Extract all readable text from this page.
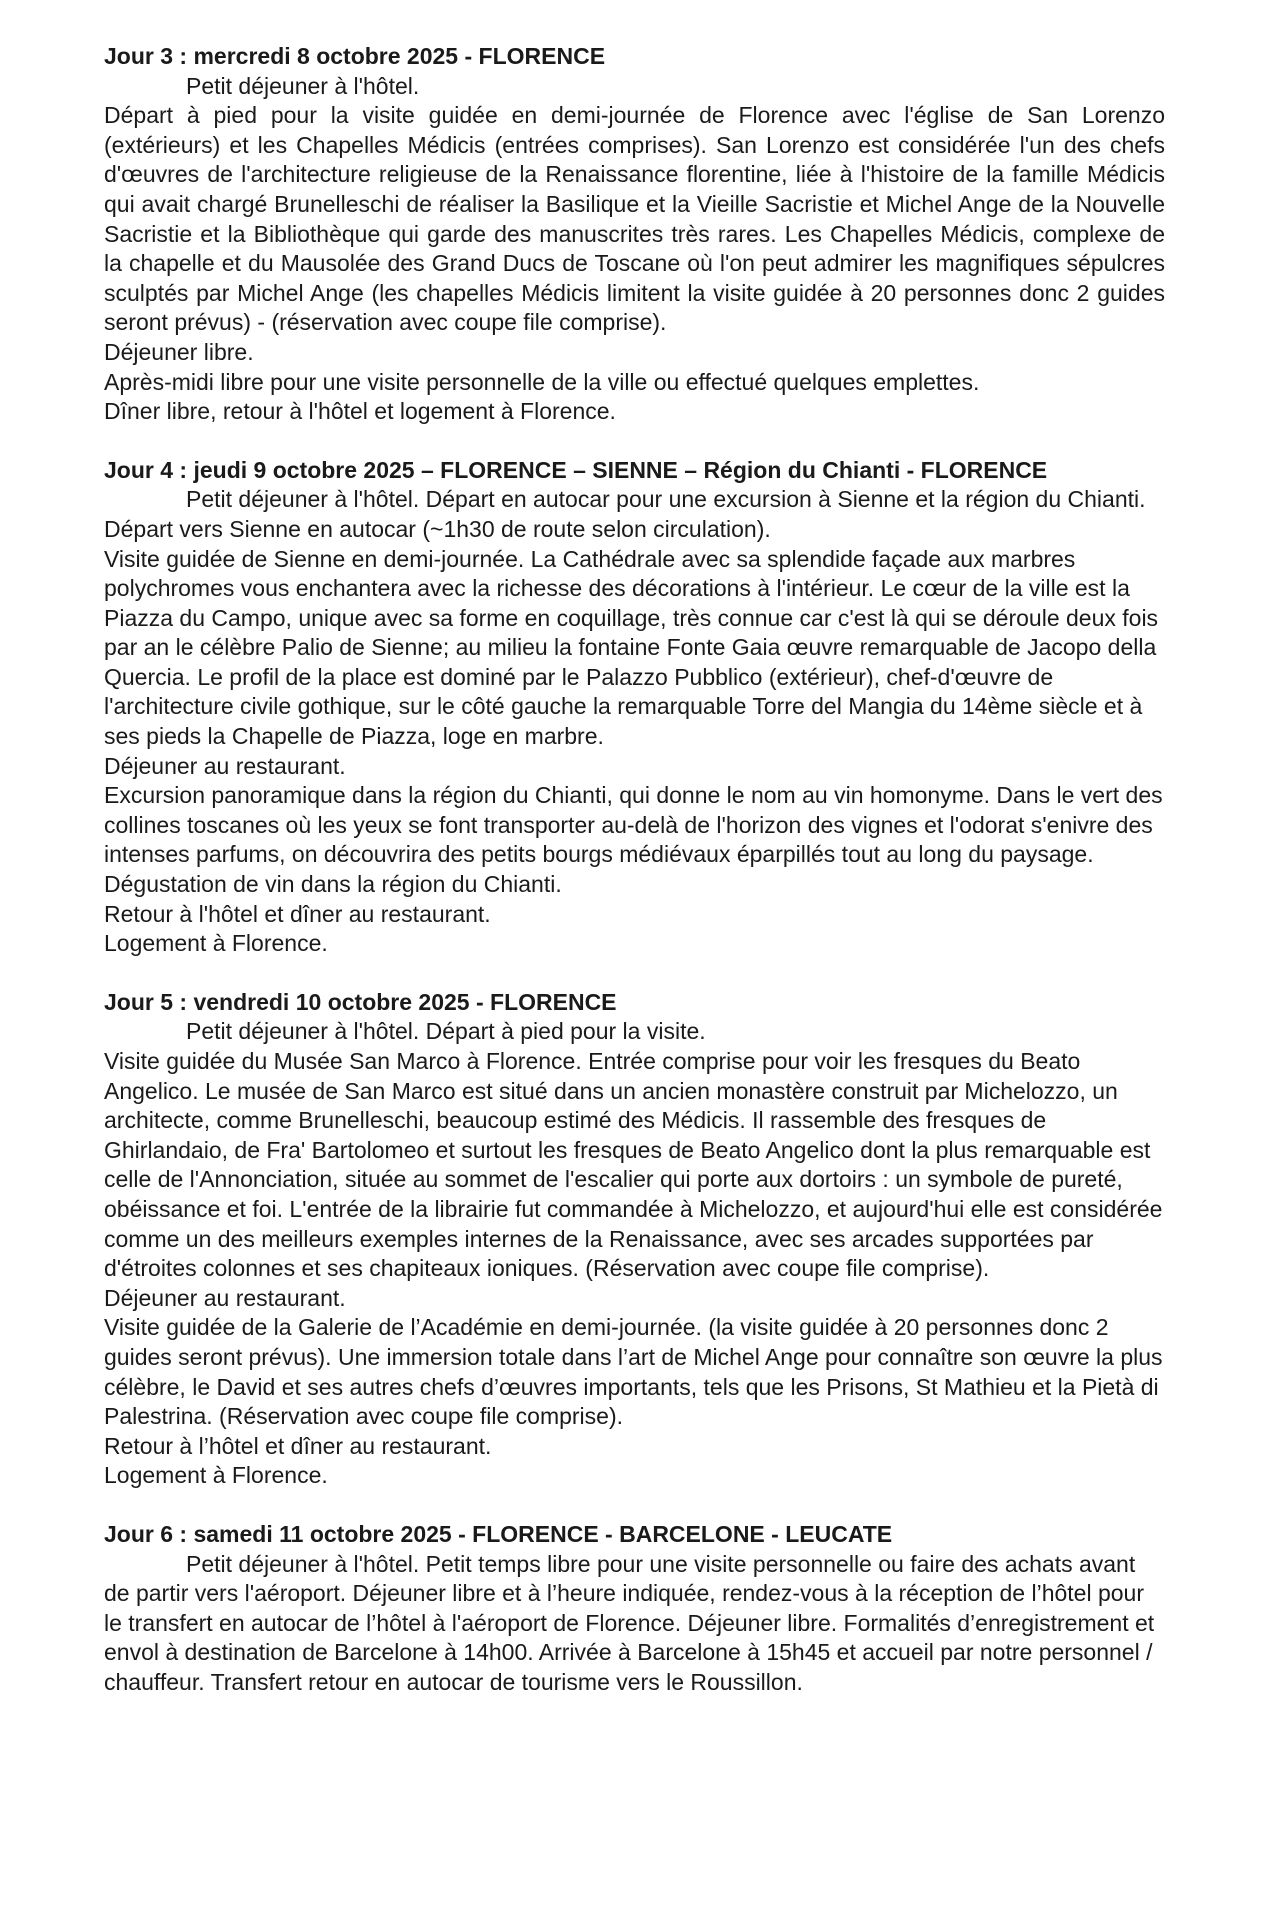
Jour 3 : mercredi 8 octobre 2025 - FLORENCE

Petit déjeuner à l'hôtel.

Départ à pied pour la visite guidée en demi-journée de Florence avec l'église de San Lorenzo (extérieurs) et les Chapelles Médicis (entrées comprises). San Lorenzo est considérée l'un des chefs d'œuvres de l'architecture religieuse de la Renaissance florentine, liée à l'histoire de la famille Médicis qui avait chargé Brunelleschi de réaliser la Basilique et la Vieille Sacristie et Michel Ange de la Nouvelle Sacristie et la Bibliothèque qui garde des manuscrites très rares. Les Chapelles Médicis, complexe de la chapelle et du Mausolée des Grand Ducs de Toscane où l'on peut admirer les magnifiques sépulcres sculptés par Michel Ange (les chapelles Médicis limitent la visite guidée à 20 personnes donc 2 guides seront prévus) - (réservation avec coupe file comprise).

Déjeuner libre.

Après-midi libre pour une visite personnelle de la ville ou effectué quelques emplettes.

Dîner libre, retour à l'hôtel et logement à Florence.

Jour 4 : jeudi 9 octobre 2025 – FLORENCE – SIENNE – Région du Chianti - FLORENCE

Petit déjeuner à l'hôtel. Départ en autocar pour une excursion à Sienne et la région du Chianti.

Départ vers Sienne en autocar (~1h30 de route selon circulation).

Visite guidée de Sienne en demi-journée. La Cathédrale avec sa splendide façade aux marbres polychromes vous enchantera avec la richesse des décorations à l'intérieur. Le cœur de la ville est la Piazza du Campo, unique avec sa forme en coquillage, très connue car c'est là qui se déroule deux fois par an le célèbre Palio de Sienne; au milieu la fontaine Fonte Gaia œuvre remarquable de Jacopo della Quercia. Le profil de la place est dominé par le Palazzo Pubblico (extérieur), chef-d'œuvre de l'architecture civile gothique, sur le côté gauche la remarquable Torre del Mangia du 14ème siècle et à ses pieds la Chapelle de Piazza, loge en marbre.

Déjeuner au restaurant.

Excursion panoramique dans la région du Chianti, qui donne le nom au vin homonyme. Dans le vert des collines toscanes où les yeux se font transporter au-delà de l'horizon des vignes et l'odorat s'enivre des intenses parfums, on découvrira des petits bourgs médiévaux éparpillés tout au long du paysage.

Dégustation de vin dans la région du Chianti.

Retour à l'hôtel et dîner au restaurant.

Logement à Florence.

Jour 5 : vendredi 10 octobre 2025 - FLORENCE

Petit déjeuner à l'hôtel. Départ à pied pour la visite.

Visite guidée du Musée San Marco à Florence. Entrée comprise pour voir les fresques du Beato Angelico. Le musée de San Marco est situé dans un ancien monastère construit par Michelozzo, un architecte, comme Brunelleschi, beaucoup estimé des Médicis. Il rassemble des fresques de Ghirlandaio, de Fra' Bartolomeo et surtout les fresques de Beato Angelico dont la plus remarquable est celle de l'Annonciation, située au sommet de l'escalier qui porte aux dortoirs : un symbole de pureté, obéissance et foi. L'entrée de la librairie fut commandée à Michelozzo, et aujourd'hui elle est considérée comme un des meilleurs exemples internes de la Renaissance, avec ses arcades supportées par d'étroites colonnes et ses chapiteaux ioniques. (Réservation avec coupe file comprise).

Déjeuner au restaurant.

Visite guidée de la Galerie de l’Académie en demi-journée. (la visite guidée à 20 personnes donc 2 guides seront prévus). Une immersion totale dans l’art de Michel Ange pour connaître son œuvre la plus célèbre, le David et ses autres chefs d’œuvres importants, tels que les Prisons, St Mathieu et la Pietà di Palestrina. (Réservation avec coupe file comprise).

Retour à l’hôtel et dîner au restaurant.

Logement à Florence.

Jour 6 : samedi 11 octobre 2025 - FLORENCE - BARCELONE - LEUCATE

Petit déjeuner à l'hôtel. Petit temps libre pour une visite personnelle ou faire des achats avant de partir vers l'aéroport. Déjeuner libre et à l’heure indiquée, rendez-vous à la réception de l’hôtel pour le transfert en autocar de l’hôtel à l'aéroport de Florence. Déjeuner libre. Formalités d’enregistrement et envol à destination de Barcelone à 14h00. Arrivée à Barcelone à 15h45 et accueil par notre personnel / chauffeur. Transfert retour en autocar de tourisme vers le Roussillon.
